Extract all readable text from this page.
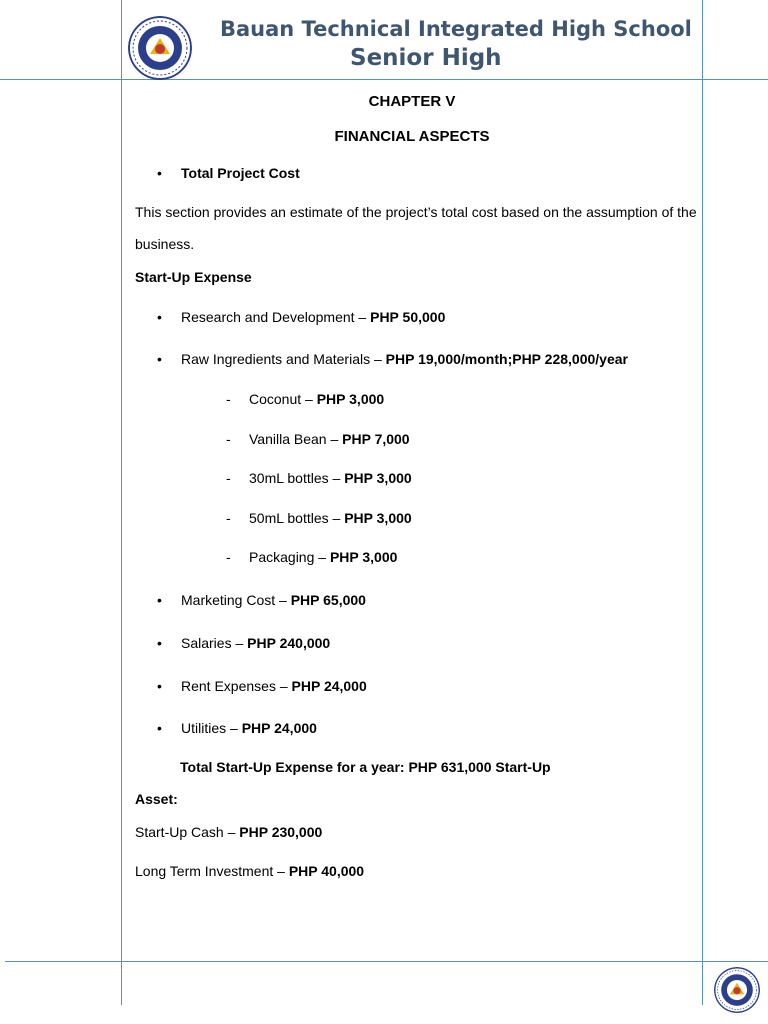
Bauan Technical Integrated High School
Senior High
CHAPTER V
FINANCIAL ASPECTS
• Total Project Cost
This section provides an estimate of the project’s total cost based on the assumption of the
business.
Start-Up Expense
• Research and Development – PHP 50,000
• Raw Ingredients and Materials – PHP 19,000/month;PHP 228,000/year
- Coconut – PHP 3,000
- Vanilla Bean – PHP 7,000
- 30mL bottles – PHP 3,000
- 50mL bottles – PHP 3,000
- Packaging – PHP 3,000
• Marketing Cost – PHP 65,000
• Salaries – PHP 240,000
• Rent Expenses – PHP 24,000
• Utilities – PHP 24,000
Total Start-Up Expense for a year: PHP 631,000 Start-Up
Asset:
Start-Up Cash – PHP 230,000
Long Term Investment – PHP 40,000
